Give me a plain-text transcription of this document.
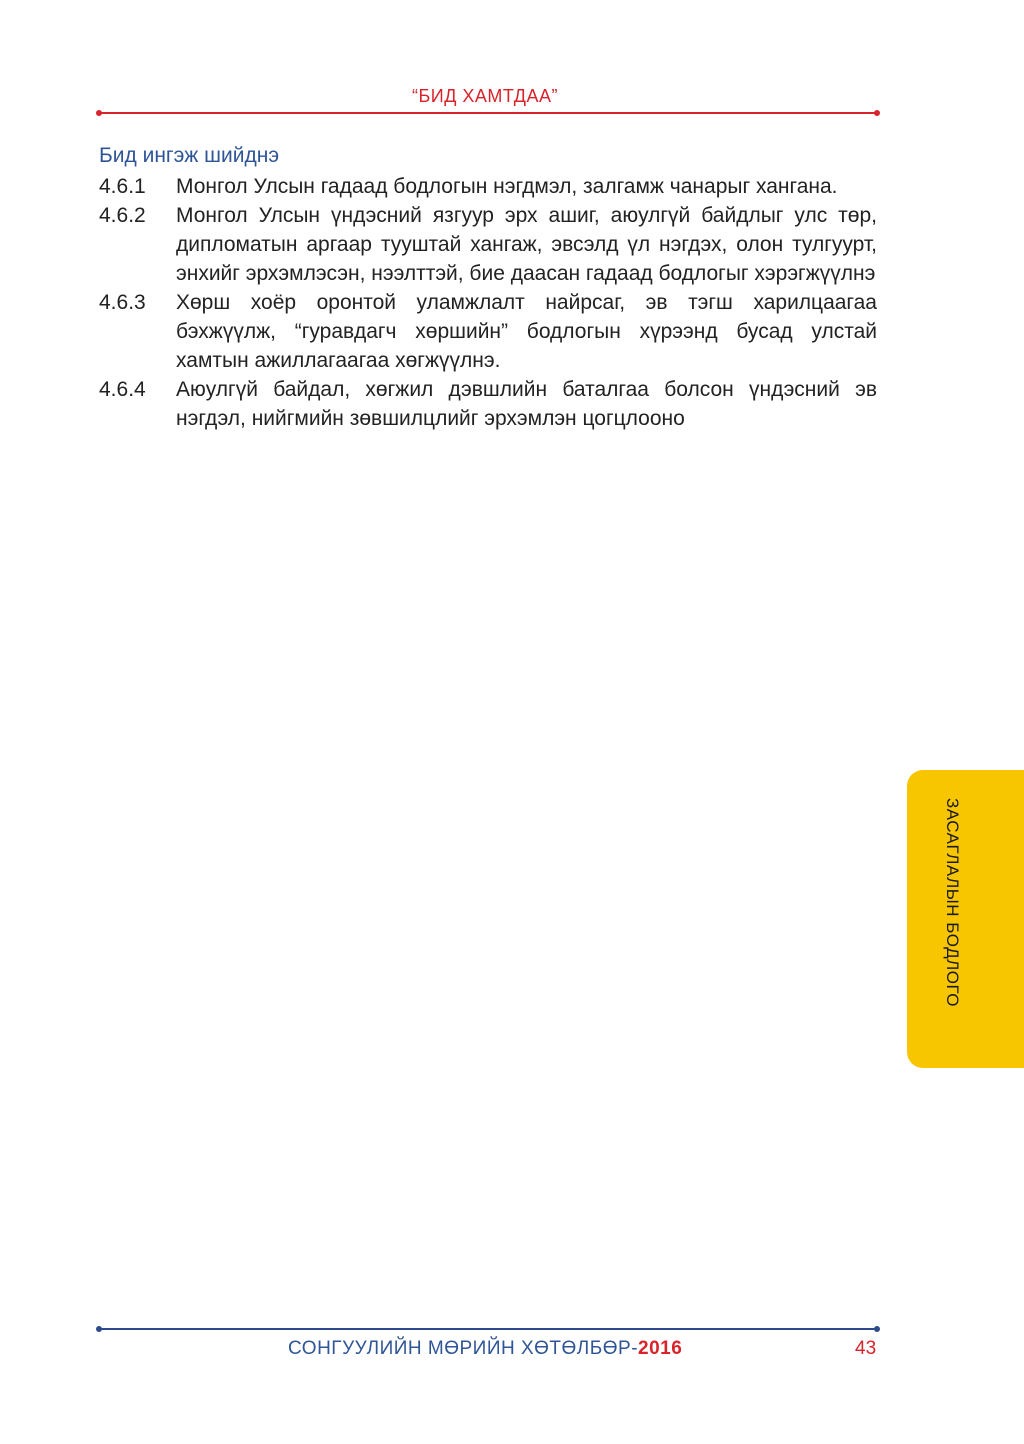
“БИД ХАМТДАА”
Бид ингэж шийднэ
4.6.1	Монгол Улсын гадаад бодлогын нэгдмэл, залгамж чанарыг хангана.
4.6.2	Монгол Улсын үндэсний язгуур эрх ашиг, аюулгүй байдлыг улс төр, дипломатын аргаар тууштай хангаж, эвсэлд үл нэгдэх, олон тулгуурт, энхийг эрхэмлэсэн, нээлттэй, бие даасан гадаад бодлогыг хэрэгжүүлнэ
4.6.3	Хөрш хоёр оронтой уламжлалт найрсаг, эв тэгш харилцаагаа бэхжүүлж, “гуравдагч хөршийн” бодлогын хүрээнд бусад улстай хамтын ажиллагаагаа хөгжүүлнэ.
4.6.4	Аюулгүй байдал, хөгжил дэвшлийн баталгаа болсон үндэсний эв нэгдэл, нийгмийн зөвшилцлийг эрхэмлэн цогцлооно
ЗАСАГЛАЛЫН БОДЛОГО
СОНГУУЛИЙН МӨРИЙН ХӨТӨЛБӨР-2016	43
